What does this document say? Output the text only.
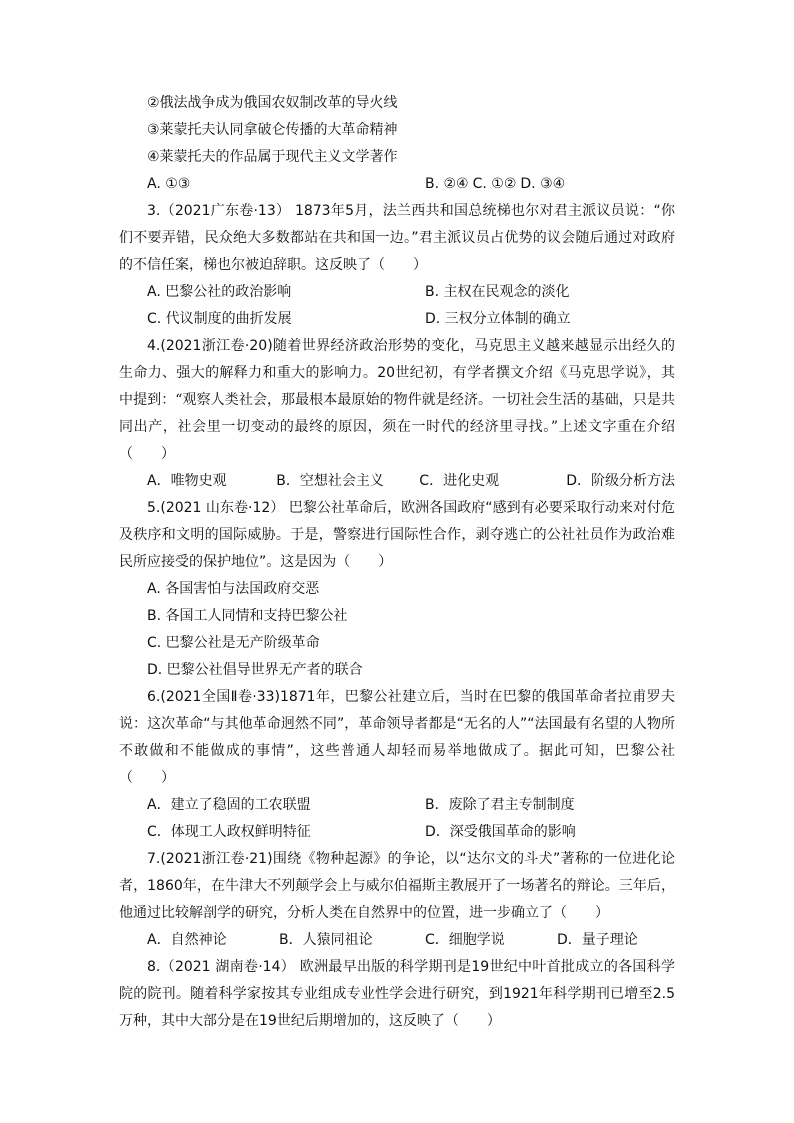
②俄法战争成为俄国农奴制改革的导火线
③莱蒙托夫认同拿破仑传播的大革命精神
④莱蒙托夫的作品属于现代主义文学著作
A. ①③	B. ②④ C. ①② D. ③④
3.（2021广东卷·13） 1873年5月，法兰西共和国总统梯也尔对君主派议员说：“你们不要弄错，民众绝大多数都站在共和国一边。”君主派议员占优势的议会随后通过对政府的不信任案，梯也尔被迫辞职。这反映了（　　）
A. 巴黎公社的政治影响	B. 主权在民观念的淡化
C. 代议制度的曲折发展	D. 三权分立体制的确立
4.(2021浙江卷·20)随着世界经济政治形势的变化，马克思主义越来越显示出经久的生命力、强大的解释力和重大的影响力。20世纪初，有学者撰文介绍《马克思学说》，其中提到：“观察人类社会，那最根本最原始的物件就是经济。一切社会生活的基础，只是共同出产，社会里一切变动的最终的原因，须在一时代的经济里寻找。”上述文字重在介绍（　　）
A．唯物史观	B．空想社会主义	C．进化史观	D．阶级分析方法
5.(2021 山东卷·12） 巴黎公社革命后，欧洲各国政府“感到有必要采取行动来对付危及秩序和文明的国际威胁。于是，警察进行国际性合作，剥夺逃亡的公社社员作为政治难民所应接受的保护地位”。这是因为（　　）
A. 各国害怕与法国政府交恶
B. 各国工人同情和支持巴黎公社
C. 巴黎公社是无产阶级革命
D. 巴黎公社倡导世界无产者的联合
6.(2021全国Ⅱ卷·33)1871年，巴黎公社建立后，当时在巴黎的俄国革命者拉甫罗夫说：这次革命“与其他革命迥然不同”，革命领导者都是“无名的人”“法国最有名望的人物所不敢做和不能做成的事情”，这些普通人却轻而易举地做成了。据此可知，巴黎公社（　　）
A．建立了稳固的工农联盟	B．废除了君主专制制度
C．体现工人政权鲜明特征	D．深受俄国革命的影响
7.(2021浙江卷·21)围绕《物种起源》的争论，以“达尔文的斗犬”著称的一位进化论者，1860年，在牛津大不列颠学会上与威尔伯福斯主教展开了一场著名的辩论。三年后，他通过比较解剖学的研究，分析人类在自然界中的位置，进一步确立了（　　）
A．自然神论	B．人猿同祖论	C．细胞学说	D．量子理论
8.（2021 湖南卷·14） 欧洲最早出版的科学期刊是19世纪中叶首批成立的各国科学院的院刊。随着科学家按其专业组成专业性学会进行研究，到1921年科学期刊已增至2.5万种，其中大部分是在19世纪后期增加的，这反映了（　　）
